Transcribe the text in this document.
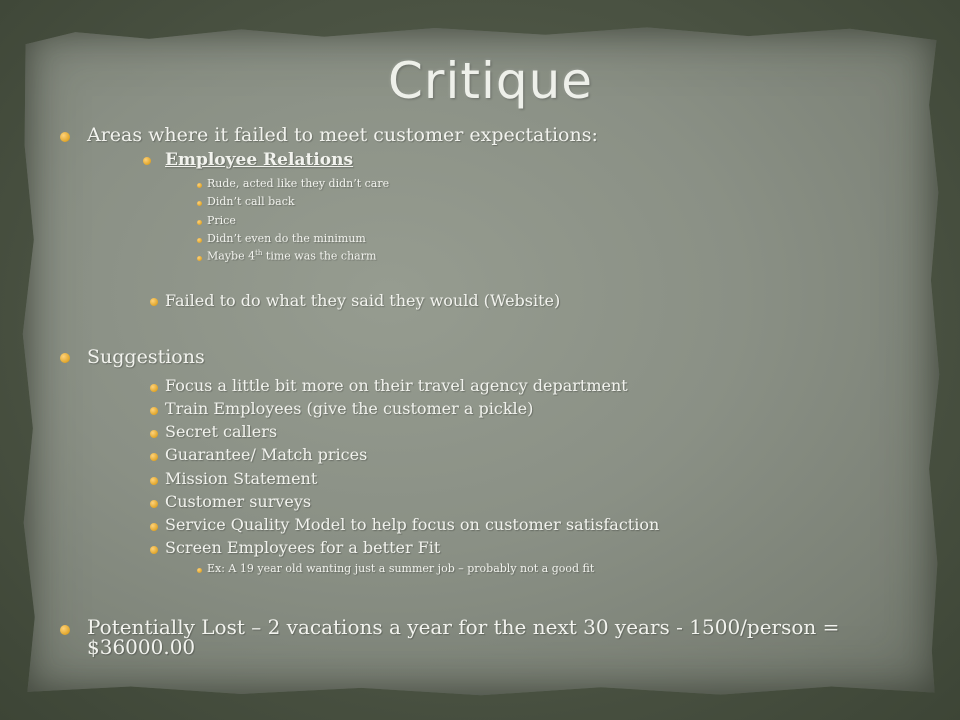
Critique
Areas where it failed to meet customer expectations:
Employee Relations
Rude, acted like they didn’t care
Didn’t call back
Price
Didn’t even do the minimum
Maybe 4th time was the charm
Failed to do what they said they would (Website)
Suggestions
Focus a little bit more on their travel agency department
Train Employees (give the customer a pickle)
Secret callers
Guarantee/ Match prices
Mission Statement
Customer surveys
Service Quality Model to help focus on customer satisfaction
Screen Employees for a better Fit
Ex: A 19 year old wanting just a summer job – probably not a good fit
Potentially Lost – 2 vacations a year for the next 30 years - 1500/person = $36000.00
